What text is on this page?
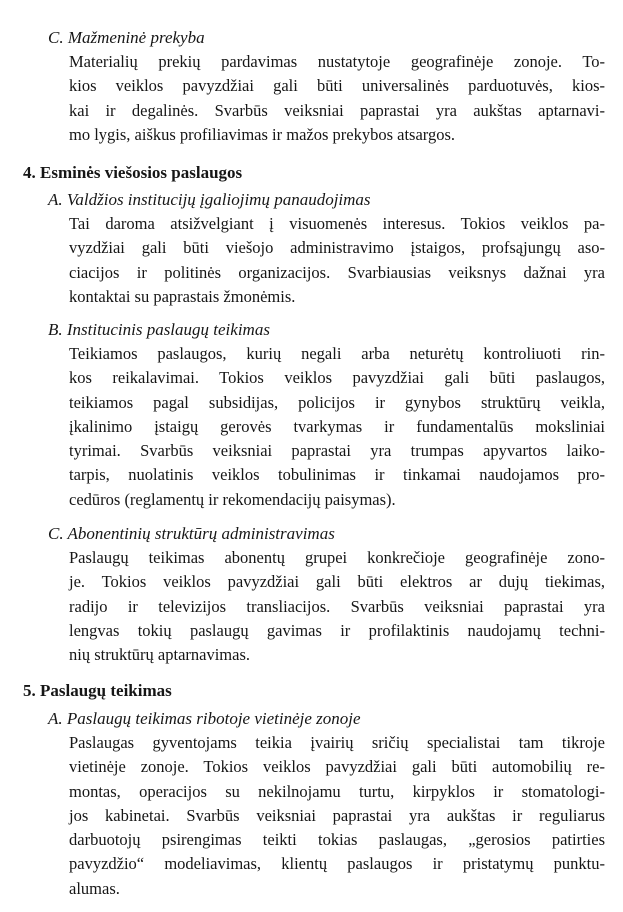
C. Mažmeninė prekyba

Materialių prekių pardavimas nustatytoje geografinėje zonoje. To-
kios veiklos pavyzdžiai gali būti universalinės parduotuvės, kios-
kai ir degalinės. Svarbūs veiksniai paprastai yra aukštas aptarnavi-
mo lygis, aiškus profiliavimas ir mažos prekybos atsargos.

4. Esminės viešosios paslaugos
A. Valdžios institucijų įgaliojimų panaudojimas

Tai daroma atsižvelgiant į visuomenės interesus. Tokios veiklos pa-
vyzdžiai gali būti viešojo administravimo įstaigos, profsąjungų aso-
ciacijos ir politinės organizacijos. Svarbiausias veiksnys dažnai yra
kontaktai su paprastais žmonėmis.

B. Institucinis paslaugų teikimas

Teikiamos paslaugos, kurių negali arba neturėtų kontroliuoti rin-
kos reikalavimai. Tokios veiklos pavyzdžiai gali būti paslaugos,
teikiamos pagal subsidijas, policijos ir gynybos struktūrų veikla,
įkalinimo įstaigų gerovės tvarkymas ir fundamentalūs moksliniai
tyrimai. Svarbūs veiksniai paprastai yra trumpas apyvartos laiko-
tarpis, nuolatinis veiklos tobulinimas ir tinkamai naudojamos pro-
cedūros (reglamentų ir rekomendacijų paisymas).

C. Abonentinių struktūrų administravimas

Paslaugų teikimas abonentų grupei konkrečioje geografinėje zono-
je. Tokios veiklos pavyzdžiai gali būti elektros ar dujų tiekimas,
radijo ir televizijos transliacijos. Svarbūs veiksniai paprastai yra
lengvas tokių paslaugų gavimas ir profilaktinis naudojamų techni-
nių struktūrų aptarnavimas.

5. Paslaugų teikimas
A. Paslaugų teikimas ribotoje vietinėje zonoje

Paslaugas gyventojams teikia įvairių sričių specialistai tam tikroje
vietinėje zonoje. Tokios veiklos pavyzdžiai gali būti automobilių re-
montas, operacijos su nekilnojamu turtu, kirpyklos ir stomatologi-
jos kabinetai. Svarbūs veiksniai paprastai yra aukštas ir reguliarus
darbuotojų psirengimas teikti tokias paslaugas, „gerosios patirties
pavyzdžio“ modeliavimas, klientų paslaugos ir pristatymų punktu-
alumas.
